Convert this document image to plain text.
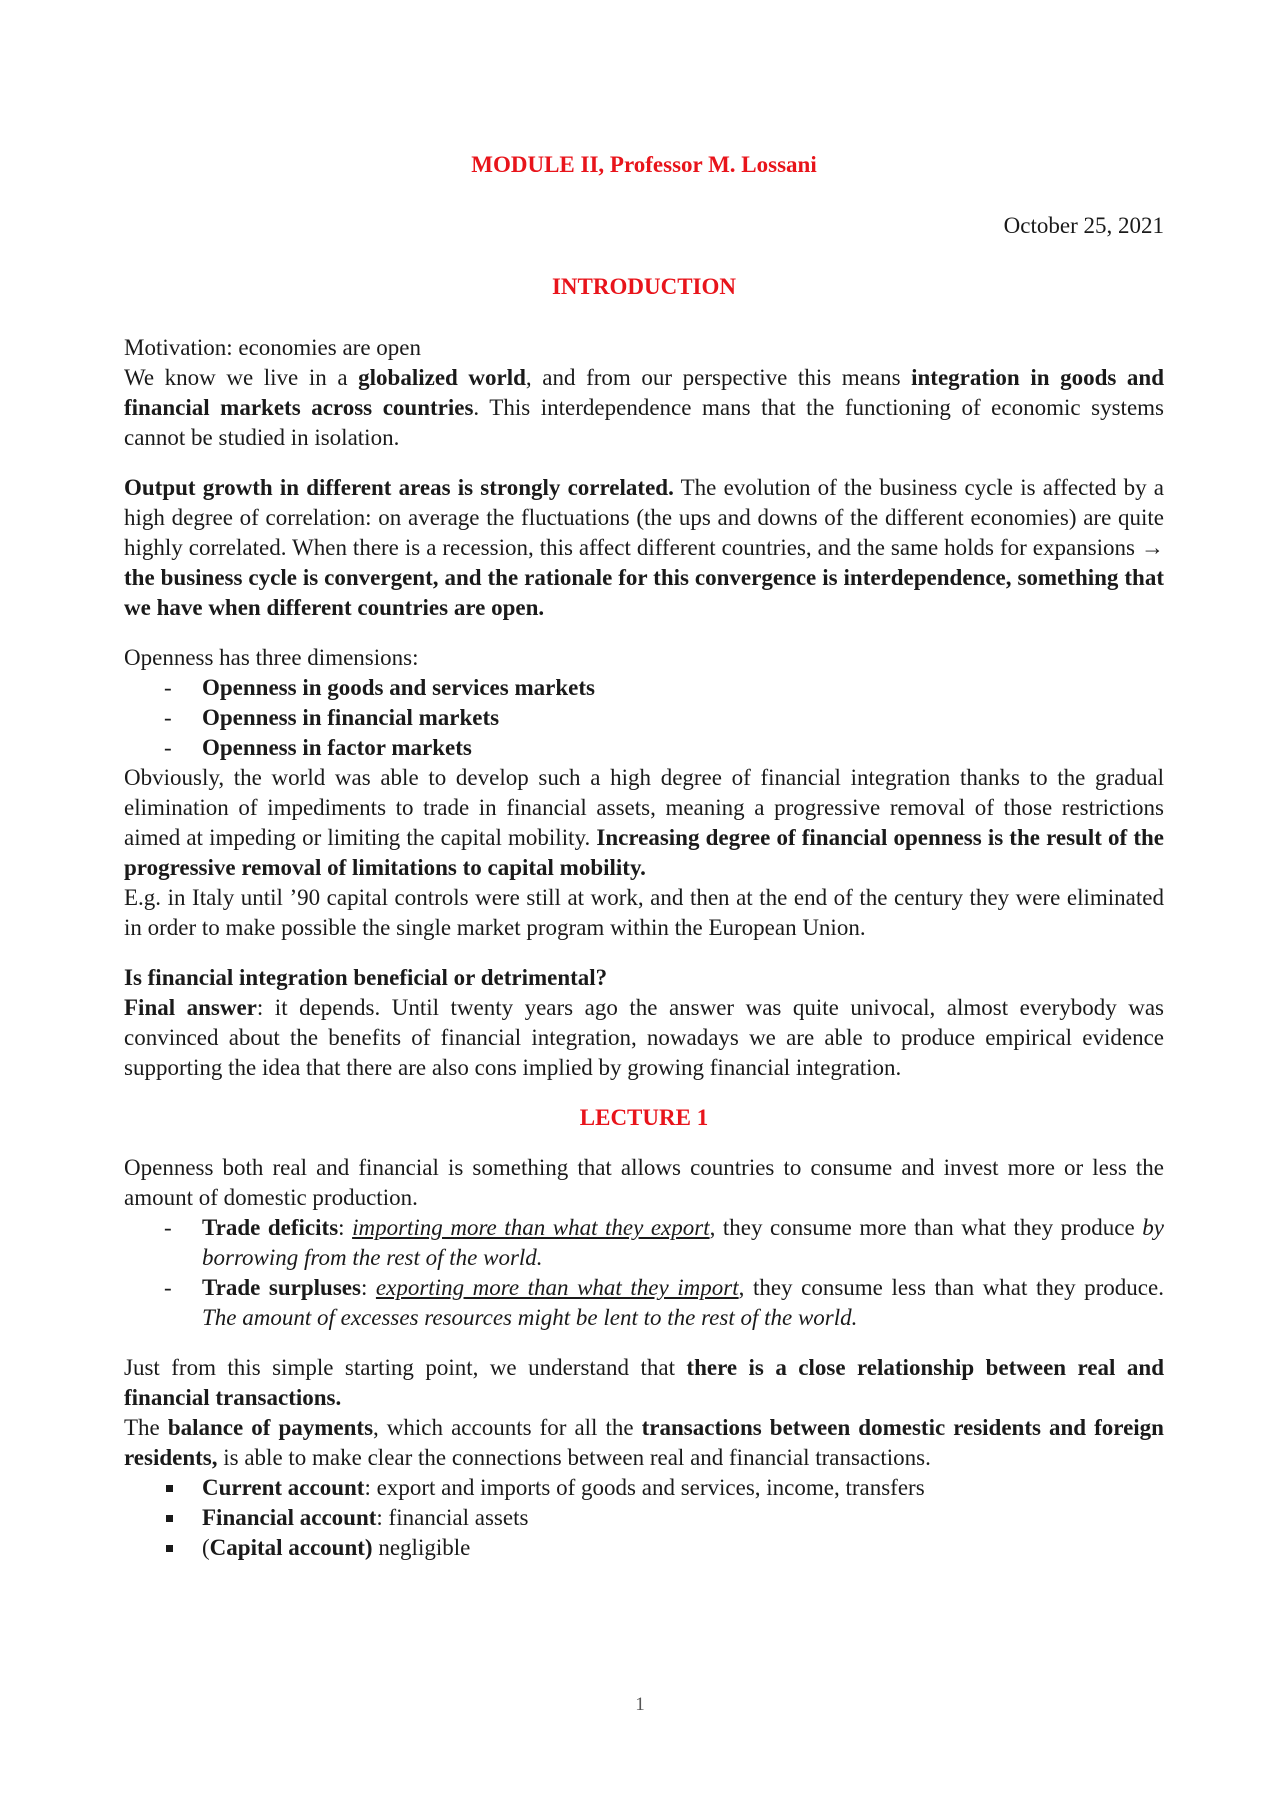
MODULE II, Professor M. Lossani

October 25, 2021

INTRODUCTION

Motivation: economies are open

We know we live in a globalized world, and from our perspective this means integration in goods and financial markets across countries. This interdependence mans that the functioning of economic systems cannot be studied in isolation.

Output growth in different areas is strongly correlated. The evolution of the business cycle is affected by a high degree of correlation: on average the fluctuations (the ups and downs of the different economies) are quite highly correlated. When there is a recession, this affect different countries, and the same holds for expansions → the business cycle is convergent, and the rationale for this convergence is interdependence, something that we have when different countries are open.

Openness has three dimensions:

- Openness in goods and services markets
- Openness in financial markets
- Openness in factor markets

Obviously, the world was able to develop such a high degree of financial integration thanks to the gradual elimination of impediments to trade in financial assets, meaning a progressive removal of those restrictions aimed at impeding or limiting the capital mobility. Increasing degree of financial openness is the result of the progressive removal of limitations to capital mobility.

E.g. in Italy until ’90 capital controls were still at work, and then at the end of the century they were eliminated in order to make possible the single market program within the European Union.

Is financial integration beneficial or detrimental?

Final answer: it depends. Until twenty years ago the answer was quite univocal, almost everybody was convinced about the benefits of financial integration, nowadays we are able to produce empirical evidence supporting the idea that there are also cons implied by growing financial integration.

LECTURE 1

Openness both real and financial is something that allows countries to consume and invest more or less the amount of domestic production.

- Trade deficits: importing more than what they export, they consume more than what they produce by borrowing from the rest of the world.
- Trade surpluses: exporting more than what they import, they consume less than what they produce. The amount of excesses resources might be lent to the rest of the world.

Just from this simple starting point, we understand that there is a close relationship between real and financial transactions.

The balance of payments, which accounts for all the transactions between domestic residents and foreign residents, is able to make clear the connections between real and financial transactions.

Current account: export and imports of goods and services, income, transfers
Financial account: financial assets
(Capital account) negligible
1
